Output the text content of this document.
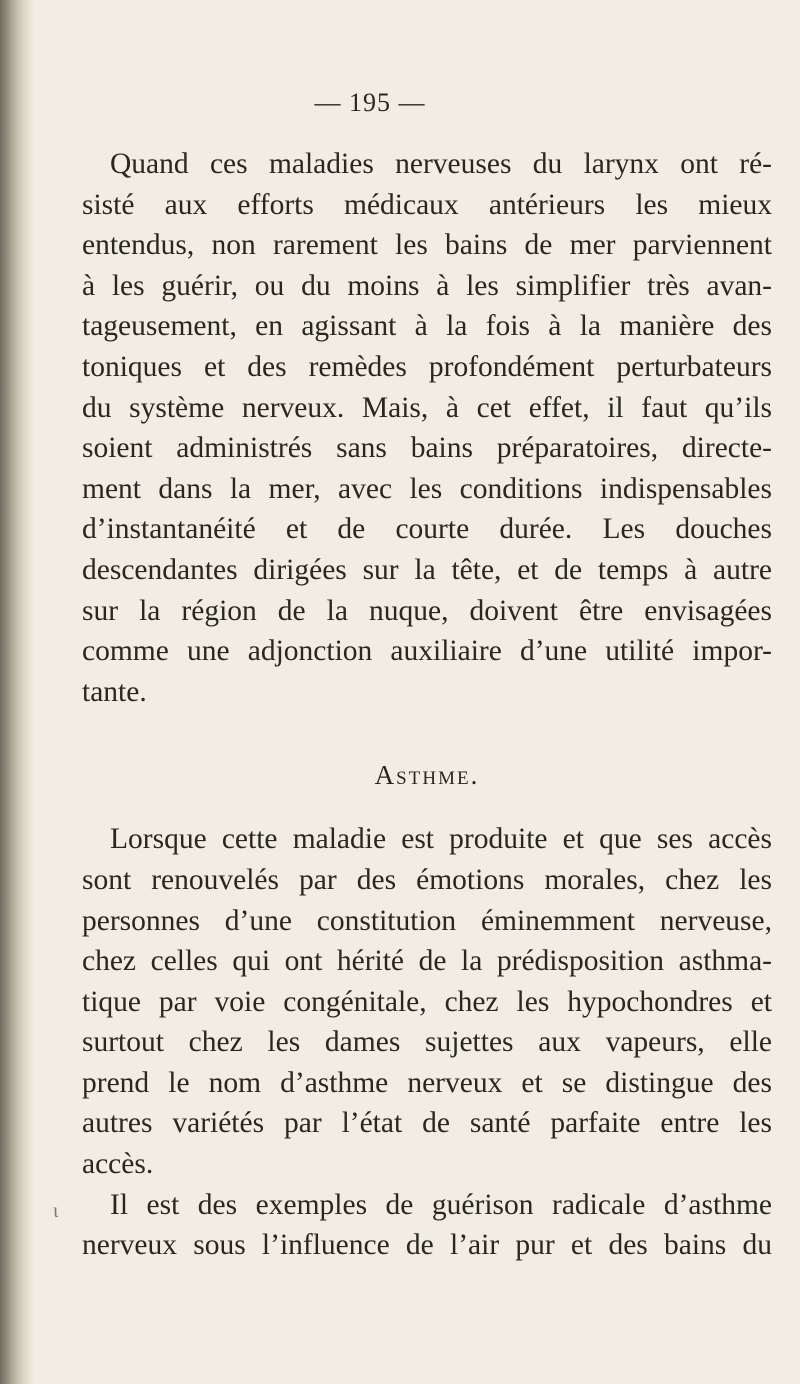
— 195 —

Quand ces maladies nerveuses du larynx ont ré-
sisté aux efforts médicaux antérieurs les mieux
entendus, non rarement les bains de mer parviennent
à les guérir, ou du moins à les simplifier très avan-
tageusement, en agissant à la fois à la manière des
toniques et des remèdes profondément perturbateurs
du système nerveux. Mais, à cet effet, il faut qu’ils
soient administrés sans bains préparatoires, directe-
ment dans la mer, avec les conditions indispensables
d’instantanéité et de courte durée. Les douches
descendantes dirigées sur la tête, et de temps à autre
sur la région de la nuque, doivent être envisagées
comme une adjonction auxiliaire d’une utilité impor-
tante.

Asthme.

Lorsque cette maladie est produite et que ses accès
sont renouvelés par des émotions morales, chez les
personnes d’une constitution éminemment nerveuse,
chez celles qui ont hérité de la prédisposition asthma-
tique par voie congénitale, chez les hypochondres et
surtout chez les dames sujettes aux vapeurs, elle
prend le nom d’asthme nerveux et se distingue des
autres variétés par l’état de santé parfaite entre les
accès.

Il est des exemples de guérison radicale d’asthme
nerveux sous l’influence de l’air pur et des bains du

ɩ
